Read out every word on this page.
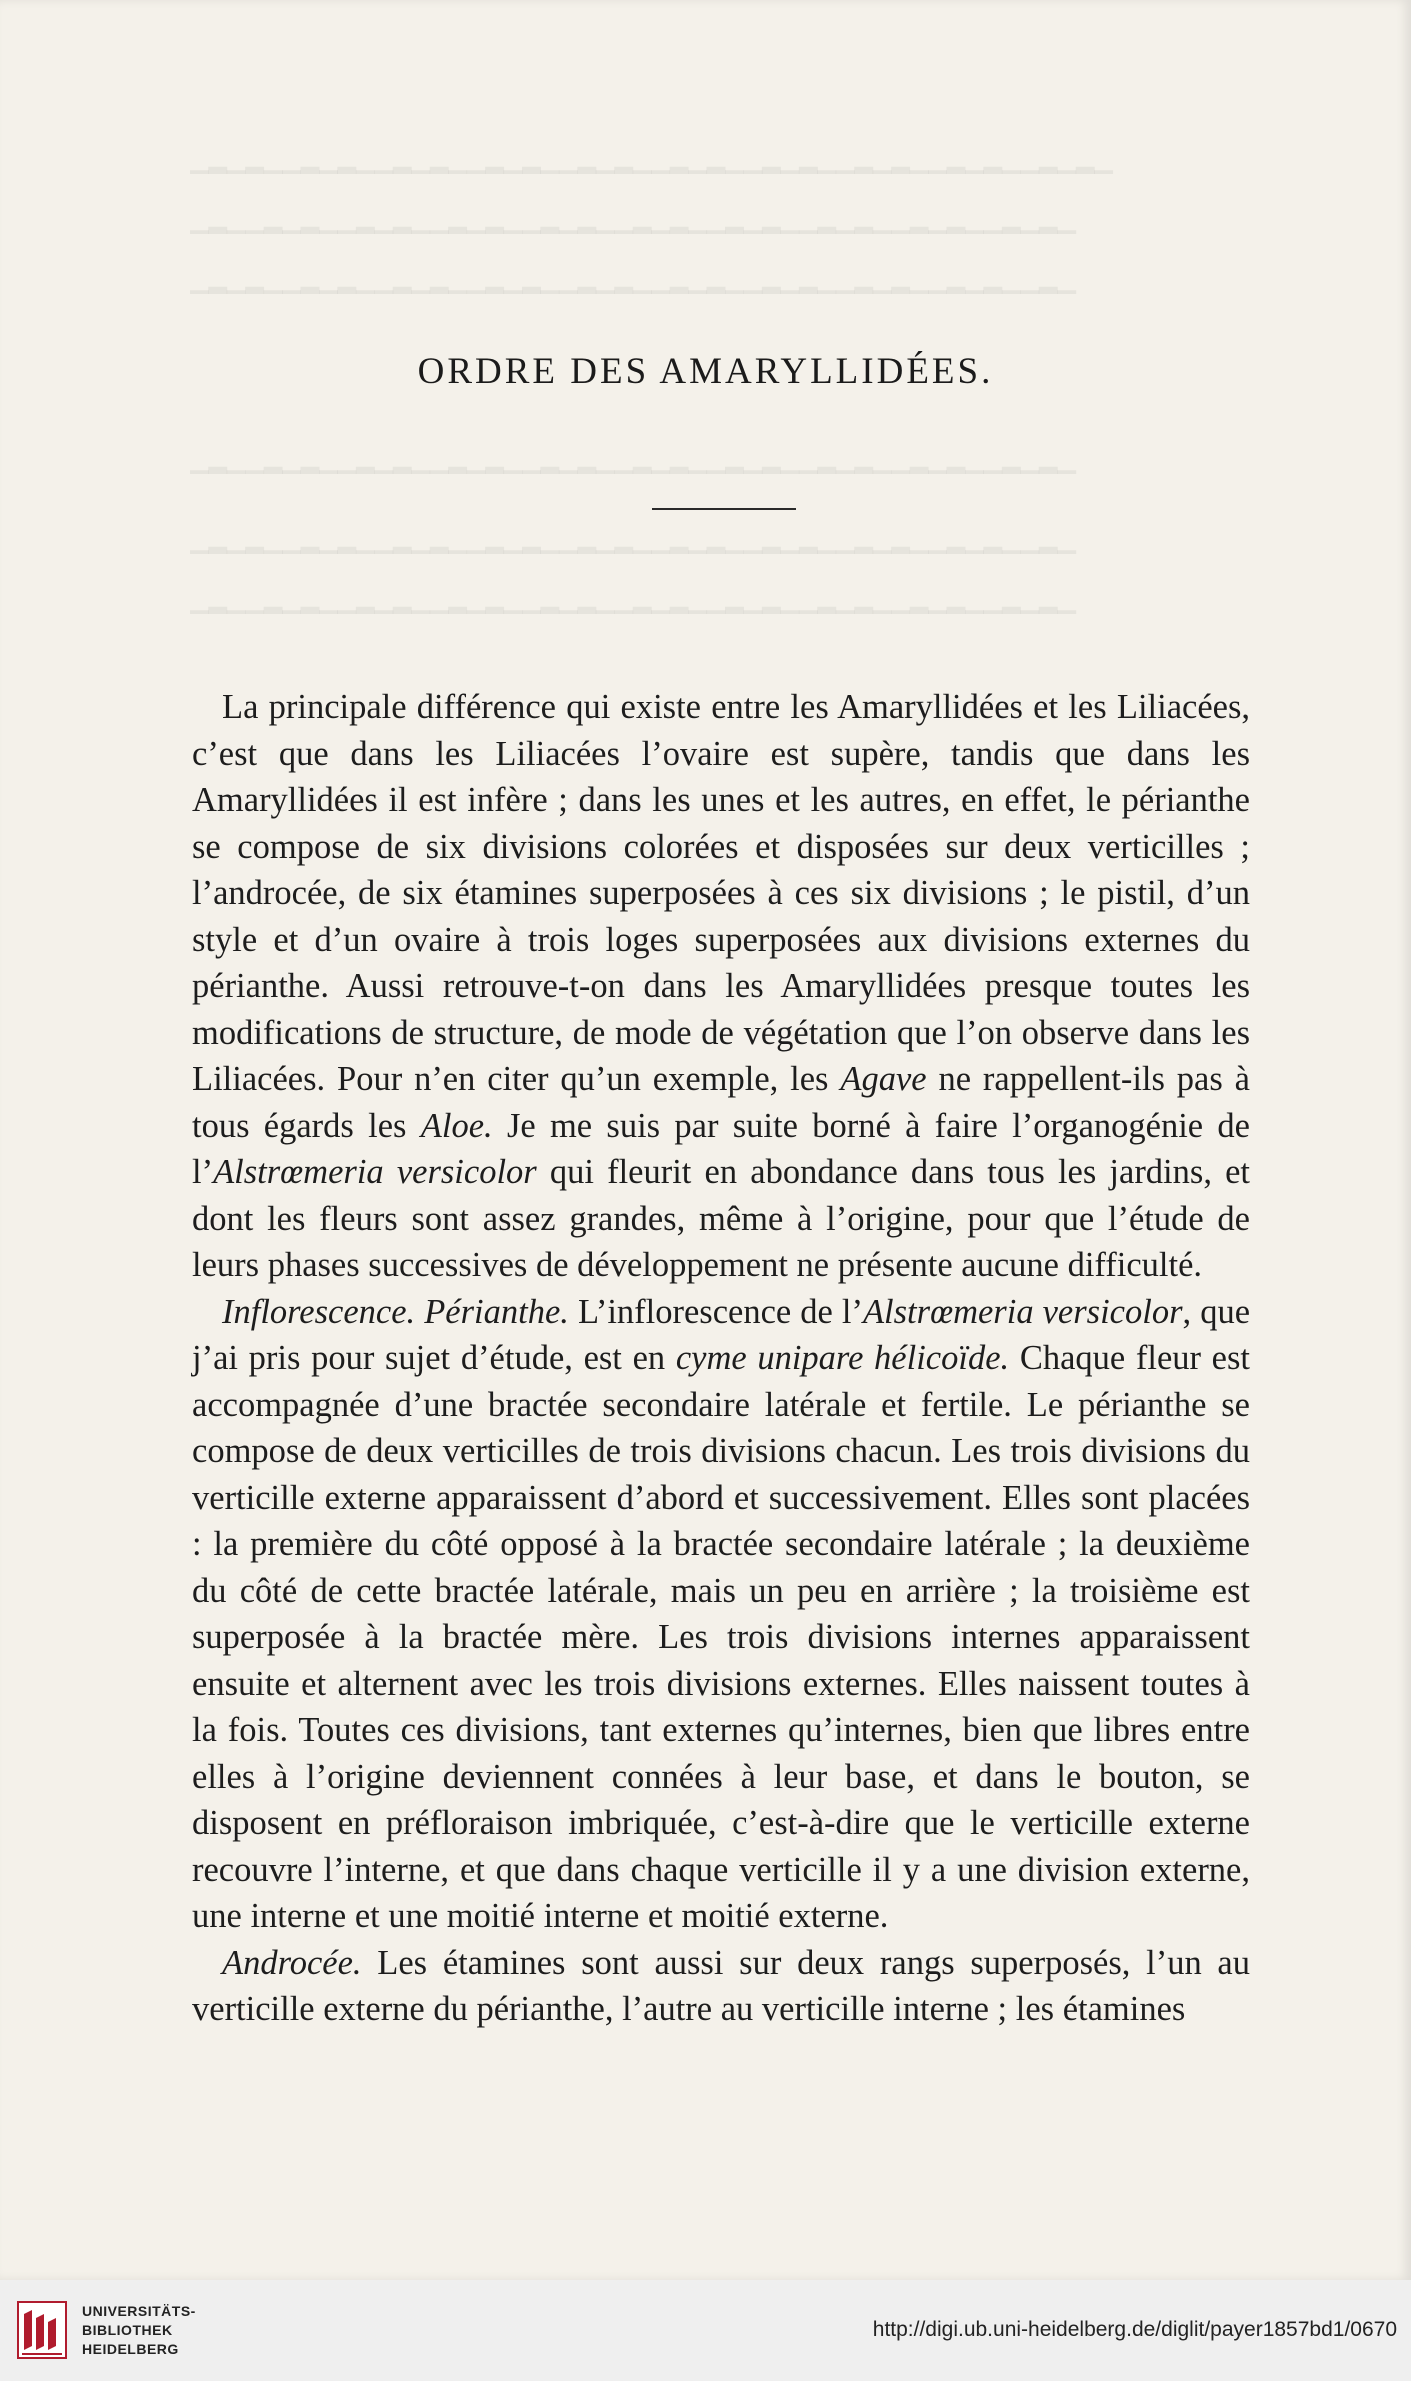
▁▂▁▂▁▁▂▁▂▁▁▂▁▂▁▁▂▁▂▁▁▂▁▂▁▁▂▁▂▁▁▂▁▂▁▁▂▁▂▁▁▂▁▂▁▁▂▁▂▁
▁▂▁▁▂▁▂▁▁▂▁▂▁▁▂▁▂▁▁▂▁▂▁▁▂▁▂▁▁▂▁▂▁▁▂▁▂▁▁▂▁▂▁▁▂▁▂▁
▁▂▁▂▁▁▂▁▂▁▁▂▁▂▁▁▂▁▂▁▁▂▁▂▁▁▂▁▂▁▁▂▁▂▁▁▂▁▂▁▁▂▁▂▁▁▂▁
▁▂▁▁▂▁▂▁▁▂▁▂▁▁▂▁▂▁▁▂▁▂▁▁▂▁▂▁▁▂▁▂▁▁▂▁▂▁▁▂▁▂▁▁▂▁▂▁
▁▂▁▂▁▁▂▁▂▁▁▂▁▂▁▁▂▁▂▁▁▂▁▂▁▁▂▁▂▁▁▂▁▂▁▁▂▁▂▁▁▂▁▂▁▁▂▁
▁▂▁▁▂▁▂▁▁▂▁▂▁▁▂▁▂▁▁▂▁▂▁▁▂▁▂▁▁▂▁▂▁▁▂▁▂▁▁▂▁▂▁▁▂▁▂▁
ORDRE DES AMARYLLIDÉES.

La principale différence qui existe entre les Amaryllidées et les Liliacées, c’est que dans les Liliacées l’ovaire est supère, tandis que dans les Amaryllidées il est infère ; dans les unes et les autres, en effet, le périanthe se compose de six divisions colorées et disposées sur deux verticilles ; l’androcée, de six étamines superposées à ces six divisions ; le pistil, d’un style et d’un ovaire à trois loges superposées aux divisions externes du périanthe. Aussi retrouve-t-on dans les Amaryllidées presque toutes les modifications de structure, de mode de végétation que l’on observe dans les Liliacées. Pour n’en citer qu’un exemple, les Agave ne rappellent-ils pas à tous égards les Aloe. Je me suis par suite borné à faire l’organogénie de l’Alstrœmeria versicolor qui fleurit en abondance dans tous les jardins, et dont les fleurs sont assez grandes, même à l’origine, pour que l’étude de leurs phases successives de développement ne présente aucune difficulté.

Inflorescence. Périanthe. L’inflorescence de l’Alstrœmeria versicolor, que j’ai pris pour sujet d’étude, est en cyme unipare hélicoïde. Chaque fleur est accompagnée d’une bractée secondaire latérale et fertile. Le périanthe se compose de deux verticilles de trois divisions chacun. Les trois divisions du verticille externe apparaissent d’abord et successivement. Elles sont placées : la première du côté opposé à la bractée secondaire latérale ; la deuxième du côté de cette bractée latérale, mais un peu en arrière ; la troisième est superposée à la bractée mère. Les trois divisions internes apparaissent ensuite et alternent avec les trois divisions externes. Elles naissent toutes à la fois. Toutes ces divisions, tant externes qu’internes, bien que libres entre elles à l’origine deviennent connées à leur base, et dans le bouton, se disposent en préfloraison imbriquée, c’est-à-dire que le verticille externe recouvre l’interne, et que dans chaque verticille il y a une division externe, une interne et une moitié interne et moitié externe.

Androcée. Les étamines sont aussi sur deux rangs superposés, l’un au verticille externe du périanthe, l’autre au verticille interne ; les étamines

UNIVERSITÄTS-
BIBLIOTHEK
HEIDELBERG
http://digi.ub.uni-heidelberg.de/diglit/payer1857bd1/0670
